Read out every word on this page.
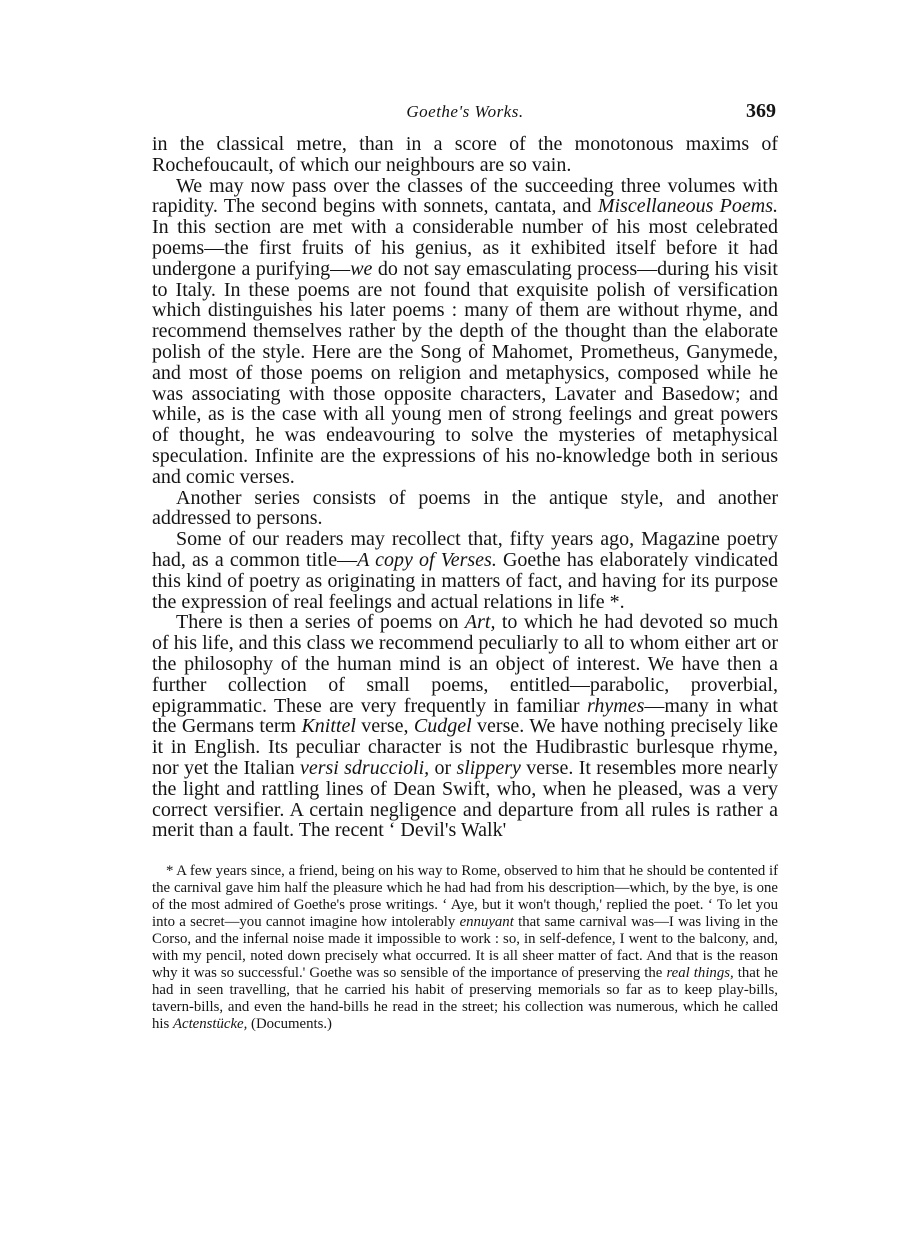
Goethe's Works.	369

in the classical metre, than in a score of the monotonous maxims of Rochefoucault, of which our neighbours are so vain.

We may now pass over the classes of the succeeding three volumes with rapidity. The second begins with sonnets, cantata, and Miscellaneous Poems. In this section are met with a considerable number of his most celebrated poems—the first fruits of his genius, as it exhibited itself before it had undergone a purifying—we do not say emasculating process—during his visit to Italy. In these poems are not found that exquisite polish of versification which distinguishes his later poems : many of them are without rhyme, and recommend themselves rather by the depth of the thought than the elaborate polish of the style. Here are the Song of Mahomet, Prometheus, Ganymede, and most of those poems on religion and metaphysics, composed while he was associating with those opposite characters, Lavater and Basedow; and while, as is the case with all young men of strong feelings and great powers of thought, he was endeavouring to solve the mysteries of metaphysical speculation. Infinite are the expressions of his no-knowledge both in serious and comic verses.

Another series consists of poems in the antique style, and another addressed to persons.

Some of our readers may recollect that, fifty years ago, Magazine poetry had, as a common title—A copy of Verses. Goethe has elaborately vindicated this kind of poetry as originating in matters of fact, and having for its purpose the expression of real feelings and actual relations in life *.

There is then a series of poems on Art, to which he had devoted so much of his life, and this class we recommend peculiarly to all to whom either art or the philosophy of the human mind is an object of interest. We have then a further collection of small poems, entitled—parabolic, proverbial, epigrammatic. These are very frequently in familiar rhymes—many in what the Germans term Knittel verse, Cudgel verse. We have nothing precisely like it in English. Its peculiar character is not the Hudibrastic burlesque rhyme, nor yet the Italian versi sdruccioli, or slippery verse. It resembles more nearly the light and rattling lines of Dean Swift, who, when he pleased, was a very correct versifier. A certain negligence and departure from all rules is rather a merit than a fault. The recent ‘ Devil's Walk'

* A few years since, a friend, being on his way to Rome, observed to him that he should be contented if the carnival gave him half the pleasure which he had had from his description—which, by the bye, is one of the most admired of Goethe's prose writings. ‘ Aye, but it won't though,' replied the poet. ‘ To let you into a secret—you cannot imagine how intolerably ennuyant that same carnival was—I was living in the Corso, and the infernal noise made it impossible to work : so, in self-defence, I went to the balcony, and, with my pencil, noted down precisely what occurred. It is all sheer matter of fact. And that is the reason why it was so successful.' Goethe was so sensible of the importance of preserving the real things, that he had in seen travelling, that he carried his habit of preserving memorials so far as to keep play-bills, tavern-bills, and even the hand-bills he read in the street; his collection was numerous, which he called his Actenstücke, (Documents.)
